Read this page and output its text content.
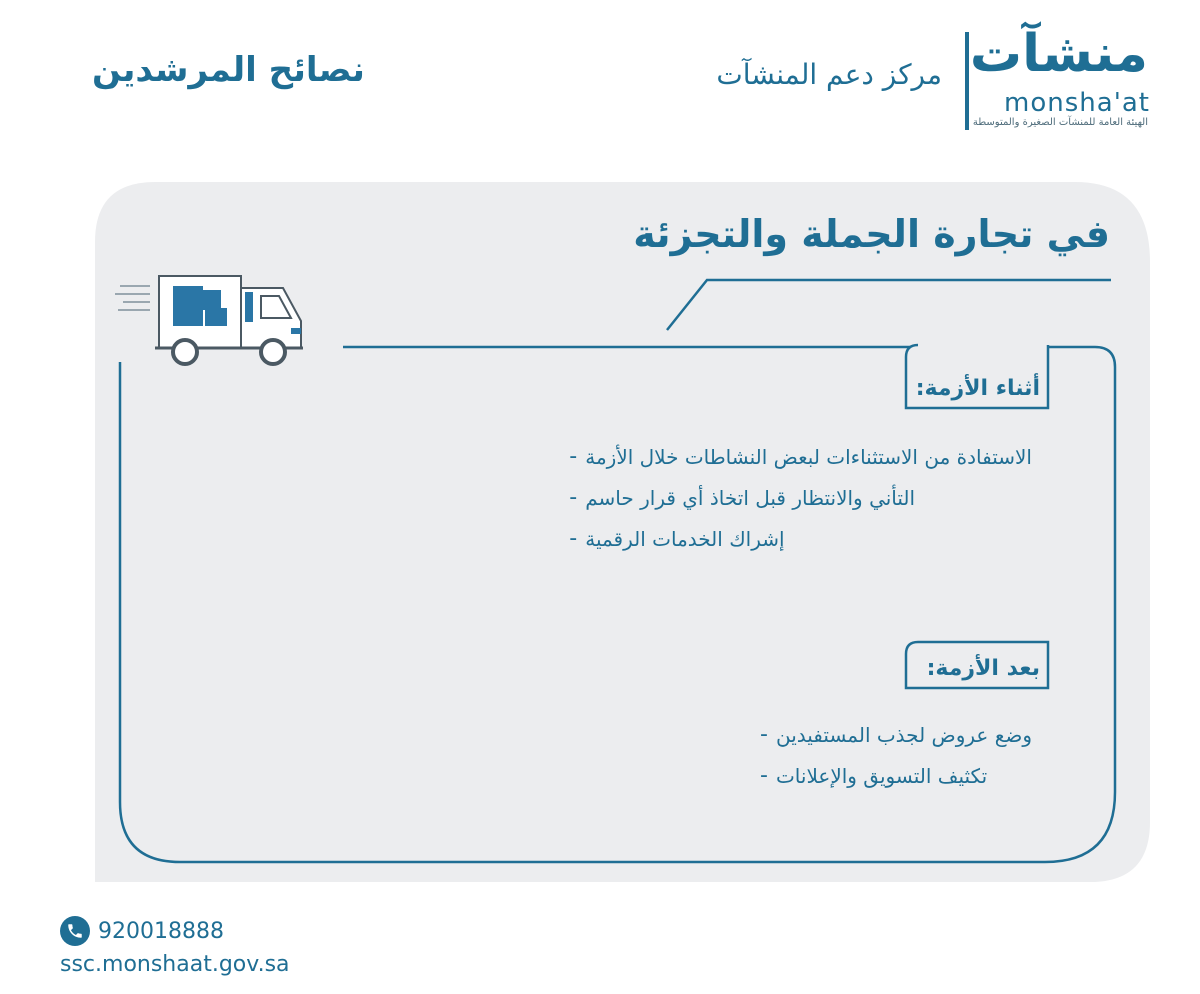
نصائح المرشدين	مركز دعم المنشآت منشآت
monsha'at
الهيئة العامة للمنشآت الصغيرة والمتوسطة
في تجارة الجملة والتجزئة
أثناء الأزمة:
- الاستفادة من الاستثناءات لبعض النشاطات خلال الأزمة
- التأني والانتظار قبل اتخاذ أي قرار حاسم
- إشراك الخدمات الرقمية
بعد الأزمة:
- وضع عروض لجذب المستفيدين
- تكثيف التسويق والإعلانات
920018888
ssc.monshaat.gov.sa
